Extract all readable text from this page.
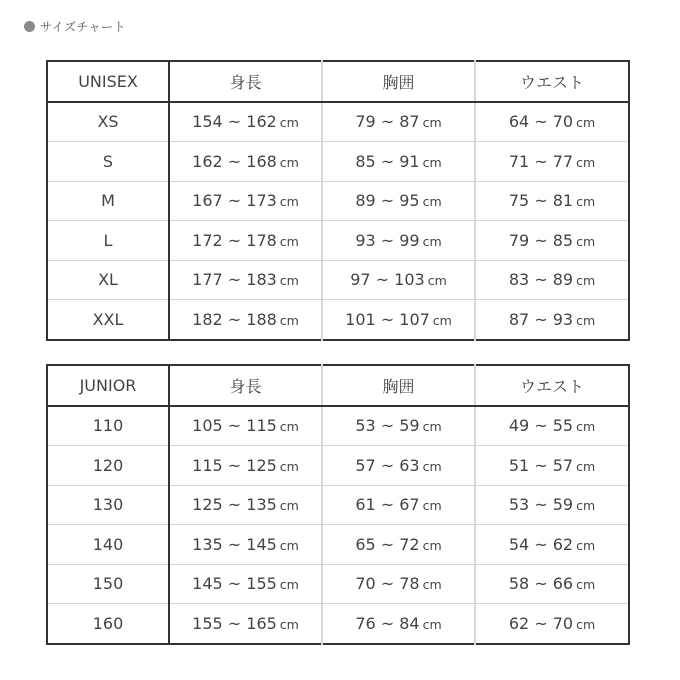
サイズチャート
UNISEX	身長	胸囲	ウエスト
XS	154 ~ 162 cm	79 ~ 87 cm	64 ~ 70 cm
S	162 ~ 168 cm	85 ~ 91 cm	71 ~ 77 cm
M	167 ~ 173 cm	89 ~ 95 cm	75 ~ 81 cm
L	172 ~ 178 cm	93 ~ 99 cm	79 ~ 85 cm
XL	177 ~ 183 cm	97 ~ 103 cm	83 ~ 89 cm
XXL	182 ~ 188 cm	101 ~ 107 cm	87 ~ 93 cm
JUNIOR	身長	胸囲	ウエスト
110	105 ~ 115 cm	53 ~ 59 cm	49 ~ 55 cm
120	115 ~ 125 cm	57 ~ 63 cm	51 ~ 57 cm
130	125 ~ 135 cm	61 ~ 67 cm	53 ~ 59 cm
140	135 ~ 145 cm	65 ~ 72 cm	54 ~ 62 cm
150	145 ~ 155 cm	70 ~ 78 cm	58 ~ 66 cm
160	155 ~ 165 cm	76 ~ 84 cm	62 ~ 70 cm
